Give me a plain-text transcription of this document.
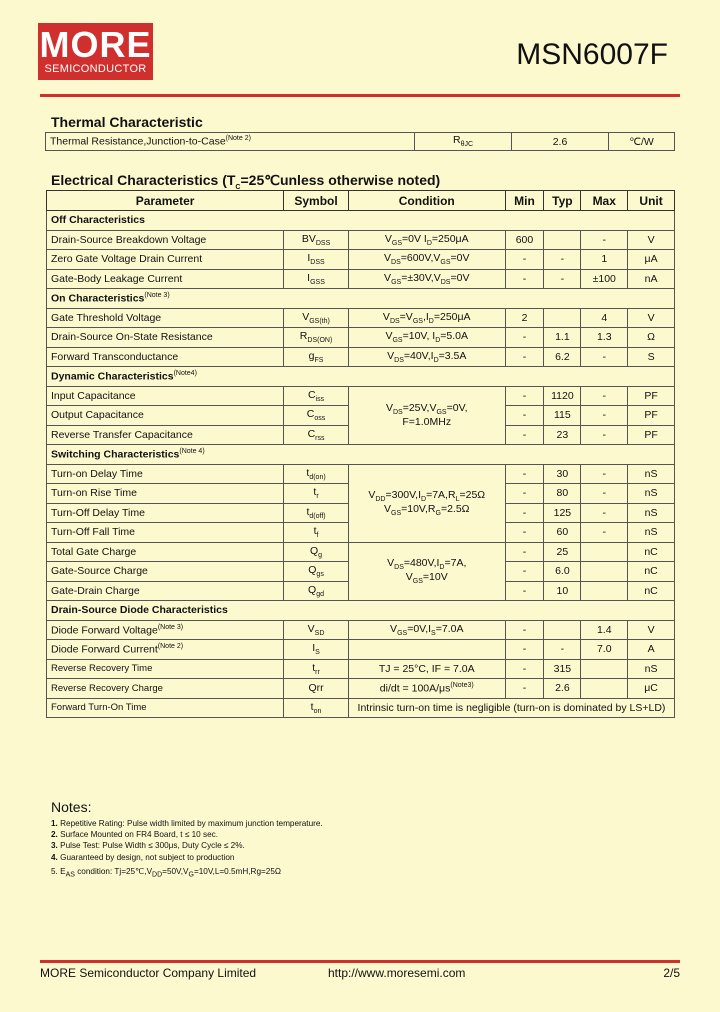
MORE
SEMICONDUCTOR	MSN6007F
Thermal Characteristic
Thermal Resistance,Junction-to-Case$^{(Note 2)}$	$R_{\theta JC}$	2.6	℃/W
Electrical Characteristics ($T_C=25℃unless$ otherwise noted)
Parameter	Symbol	Condition	Min	Typ	Max	Unit
Off Characteristics						
Drain-Source Breakdown Voltage	$BV_{DSS}$	$V_{GS}=0V$ $I_D=250\mu A$	600		-	V
Zero Gate Voltage Drain Current	$I_{DSS}$	$V_{DS}=600V,V_{GS}=0V$	-	-	1	μA
Gate-Body Leakage Current	$I_{GSS}$	$V_{GS}=\pm 30V,V_{DS}=0V$	-	-	±100	nA
On Characteristics$^{(Note 3)}$
Gate Threshold Voltage	$V_{GS(th)}$	$V_{DS}=V_{GS},I_D=250\mu A$	2		4	V
Drain-Source On-State Resistance	$R_{DS(ON)}$	$V_{GS}=10V$, $I_D=5.0A$	-	1.1	1.3	Ω
Forward Transconductance	$g_{FS}$	$V_{DS}=40V,I_D=3.5A$	-	6.2	-	S
Dynamic Characteristics$^{(Note4)}$
Input Capacitance	$C_{iss}$	$V_{DS}=25V,V_{GS}=0V$,
F=1.0MHz	-	1120	-	PF
Output Capacitance	$C_{oss}$		-	115	-	PF
Reverse Transfer Capacitance	$C_{rss}$		-	23	-	PF
Switching Characteristics$^{(Note 4)}$
Turn-on Delay Time	$t_{d(on)}$	$V_{DD}=300V,I_D=7A,R_L=25\Omega$
$V_{GS}=10V,R_G=2.5\Omega$	-	30	-	nS
Turn-on Rise Time	$t_r$		-	80	-	nS
Turn-Off Delay Time	$t_{d(off)}$		-	125	-	nS
Turn-Off Fall Time	$t_f$		-	60	-	nS
Total Gate Charge	$Q_g$	$V_{DS}=480V,I_D=7A$,
$V_{GS}=10V$	-	25		nC
Gate-Source Charge	$Q_{gs}$		-	6.0		nC
Gate-Drain Charge	$Q_{gd}$		-	10		nC
Drain-Source Diode Characteristics						
Diode Forward Voltage$^{(Note 3)}$	$V_{SD}$	$V_{GS}=0V,I_S=7.0A$	-		1.4	V
Diode Forward Current$^{(Note 2)}$	$I_S$		-	-	7.0	A
Reverse Recovery Time	$t_{rr}$	TJ = 25°C, IF = 7.0A	-	315		nS
Reverse Recovery Charge	Qrr	$di/dt = 100A/\mu s^{(Note3)}$	-	2.6		μC
Forward Turn-On Time	$t_{on}$	Intrinsic turn-on time is negligible (turn-on is dominated by LS+LD)				
Notes:
1. Repetitive Rating: Pulse width limited by maximum junction temperature.
2. Surface Mounted on FR4 Board, t ≤ 10 sec.
3. Pulse Test: Pulse Width ≤ 300μs, Duty Cycle ≤ 2%.
4. Guaranteed by design, not subject to production
5. $E_{AS}$ condition: $Tj=25℃,V_{DD}=50V,V_G=10V,L=0.5mH,Rg=25\Omega$
MORE Semiconductor Company Limited	http://www.moresemi.com	2/5
